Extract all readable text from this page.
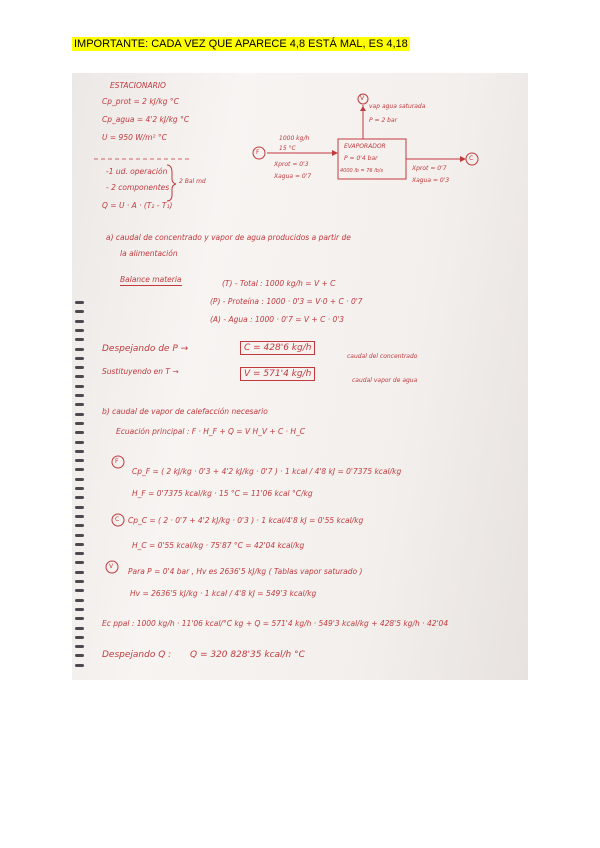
IMPORTANTE: CADA VEZ QUE APARECE 4,8 ESTÁ MAL, ES 4,18
ESTACIONARIO
Cp_prot = 2 kJ/kg °C
Cp_agua = 4'2 kJ/kg °C
U = 950 W/m² °C
-1 ud. operación
- 2 componentes
2 Bal md
Q = U · A · (T₂ - T₁)
F
V
vap agua saturada
P = 2 bar
1000 kg/h
15 °C
Xprot = 0'3
Xagua = 0'7
EVAPORADOR
P = 0'4 bar
4000 lb = 76 lb/s
C
Xprot = 0'7
Xagua = 0'3
a) caudal de concentrado y vapor de agua producidos a partir de
la alimentación
Balance materia	(T) - Total : 1000 kg/h = V + C
(P) - Proteína : 1000 · 0'3 = V·0 + C · 0'7
(A) - Agua : 1000 · 0'7 = V + C · 0'3
Despejando de P →	C = 428'6 kg/h
caudal del concentrado
Sustituyendo en T →	V = 571'4 kg/h
caudal vapor de agua
b) caudal de vapor de calefacción necesario
Ecuación principal : F · H_F + Q = V H_V + C · H_C
F
Cp_F = ( 2 kJ/kg · 0'3 + 4'2 kJ/kg · 0'7 ) · 1 kcal / 4'8 kJ = 0'7375 kcal/kg
H_F = 0'7375 kcal/kg · 15 °C = 11'06 kcal °C/kg
C Cp_C = ( 2 · 0'7 + 4'2 kJ/kg · 0'3 ) · 1 kcal/4'8 kJ = 0'55 kcal/kg
H_C = 0'55 kcal/kg · 75'87 °C = 42'04 kcal/kg
V
Para P = 0'4 bar , Hv es 2636'5 kJ/kg ( Tablas vapor saturado )
Hv = 2636'5 kJ/kg · 1 kcal / 4'8 kJ = 549'3 kcal/kg
Ec ppal : 1000 kg/h · 11'06 kcal/°C kg + Q = 571'4 kg/h · 549'3 kcal/kg + 428'5 kg/h · 42'04
Despejando Q : Q = 320 828'35 kcal/h °C
